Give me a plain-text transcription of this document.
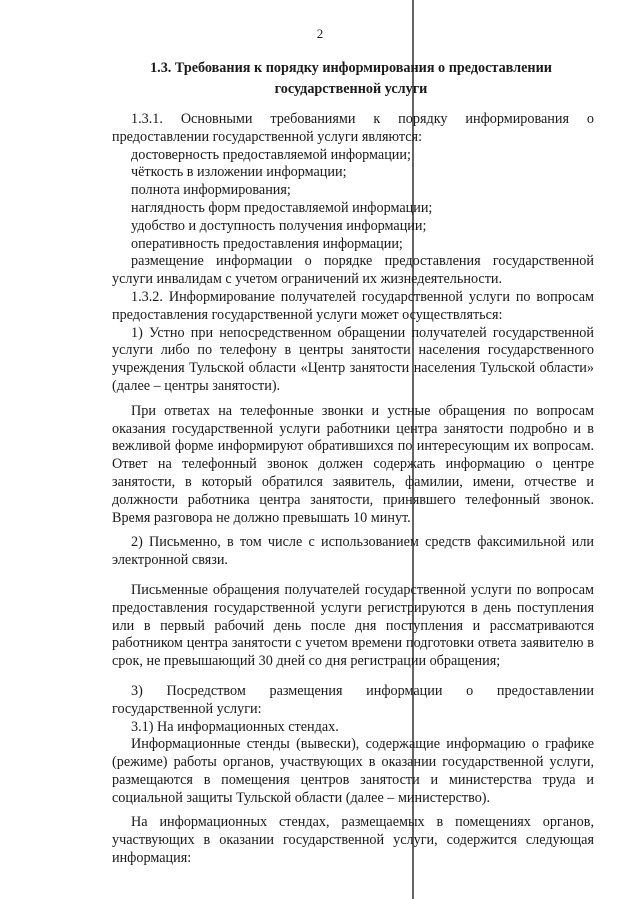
2
1.3. Требования к порядку информирования о предоставлении
государственной услуги

1.3.1. Основными требованиями к порядку информирования о предоставлении государственной услуги являются:

достоверность предоставляемой информации;

чёткость в изложении информации;

полнота информирования;

наглядность форм предоставляемой информации;

удобство и доступность получения информации;

оперативность предоставления информации;

размещение информации о порядке предоставления государственной услуги инвалидам с учетом ограничений их жизнедеятельности.

1.3.2. Информирование получателей государственной услуги по вопросам предоставления государственной услуги может осуществляться:

1) Устно при непосредственном обращении получателей государственной услуги либо по телефону в центры занятости населения государственного учреждения Тульской области «Центр занятости населения Тульской области» (далее – центры занятости).

При ответах на телефонные звонки и устные обращения по вопросам оказания государственной услуги работники центра занятости подробно и в вежливой форме информируют обратившихся по интересующим их вопросам. Ответ на телефонный звонок должен содержать информацию о центре занятости, в который обратился заявитель, фамилии, имени, отчестве и должности работника центра занятости, принявшего телефонный звонок. Время разговора не должно превышать 10 минут.

2) Письменно, в том числе с использованием средств факсимильной или электронной связи.

Письменные обращения получателей государственной услуги по вопросам предоставления государственной услуги регистрируются в день поступления или в первый рабочий день после дня поступления и рассматриваются работником центра занятости с учетом времени подготовки ответа заявителю в срок, не превышающий 30 дней со дня регистрации обращения;

3) Посредством размещения информации о предоставлении государственной услуги:

3.1) На информационных стендах.

Информационные стенды (вывески), содержащие информацию о графике (режиме) работы органов, участвующих в оказании государственной услуги, размещаются в помещения центров занятости и министерства труда и социальной защиты Тульской области (далее – министерство).

На информационных стендах, размещаемых в помещениях органов, участвующих в оказании государственной услуги, содержится следующая информация:
